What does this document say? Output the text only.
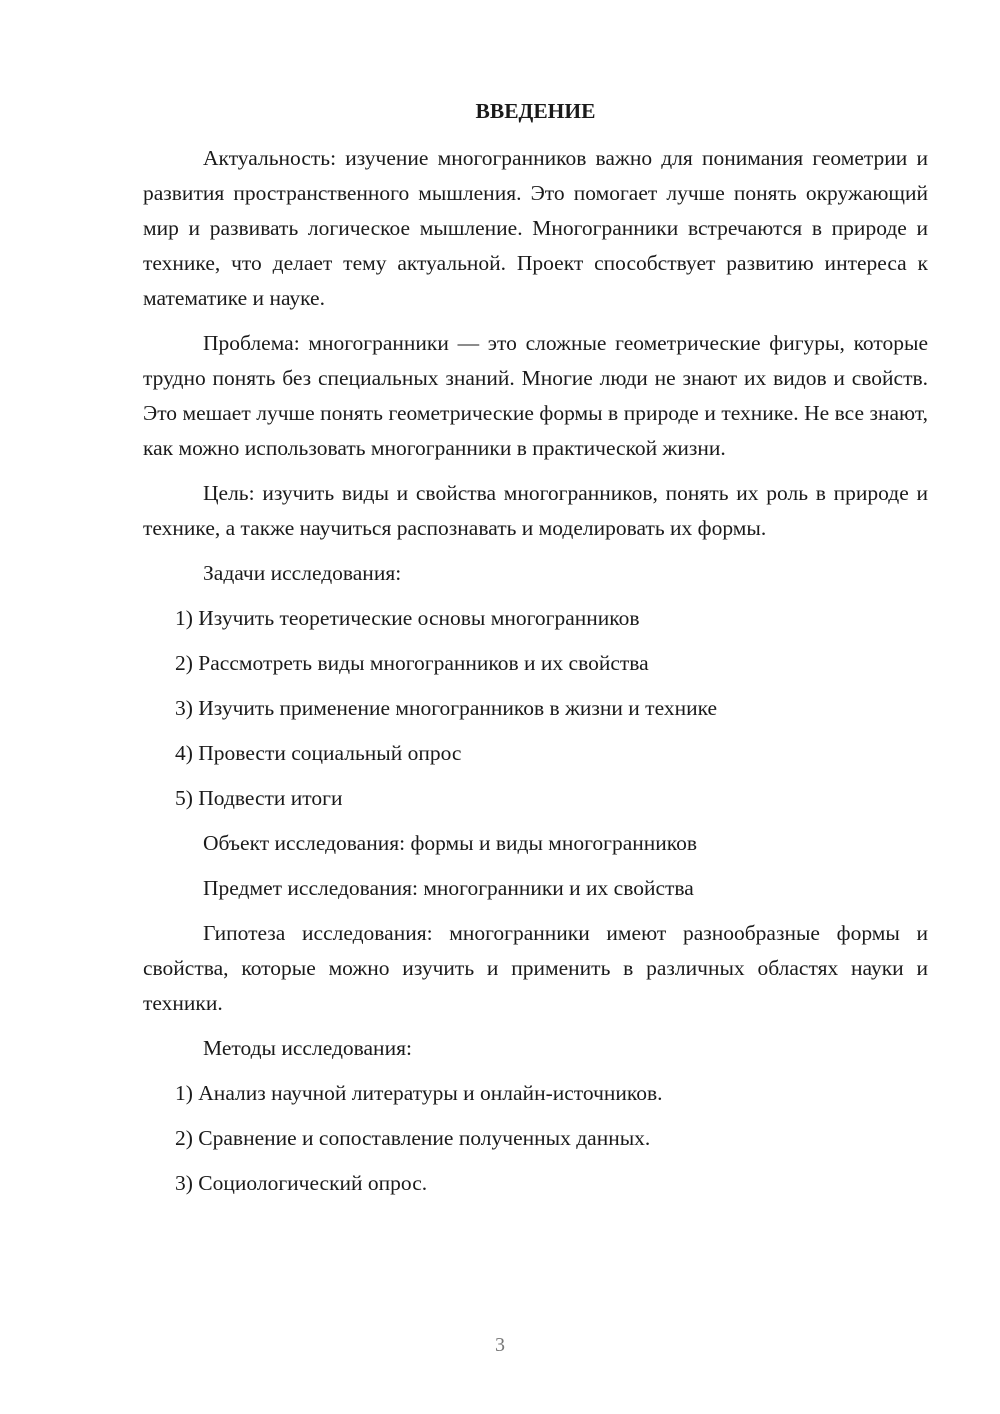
ВВЕДЕНИЕ

Актуальность: изучение многогранников важно для понимания геометрии и развития пространственного мышления. Это помогает лучше понять окружающий мир и развивать логическое мышление. Многогранники встречаются в природе и технике, что делает тему актуальной. Проект способствует развитию интереса к математике и науке.

Проблема: многогранники — это сложные геометрические фигуры, которые трудно понять без специальных знаний. Многие люди не знают их видов и свойств. Это мешает лучше понять геометрические формы в природе и технике. Не все знают, как можно использовать многогранники в практической жизни.

Цель: изучить виды и свойства многогранников, понять их роль в природе и технике, а также научиться распознавать и моделировать их формы.

Задачи исследования:

1) Изучить теоретические основы многогранников
2) Рассмотреть виды многогранников и их свойства
3) Изучить применение многогранников в жизни и технике
4) Провести социальный опрос
5) Подвести итоги

Объект исследования: формы и виды многогранников

Предмет исследования: многогранники и их свойства

Гипотеза исследования: многогранники имеют разнообразные формы и свойства, которые можно изучить и применить в различных областях науки и техники.

Методы исследования:

1) Анализ научной литературы и онлайн-источников.
2) Сравнение и сопоставление полученных данных.
3) Социологический опрос.
3
